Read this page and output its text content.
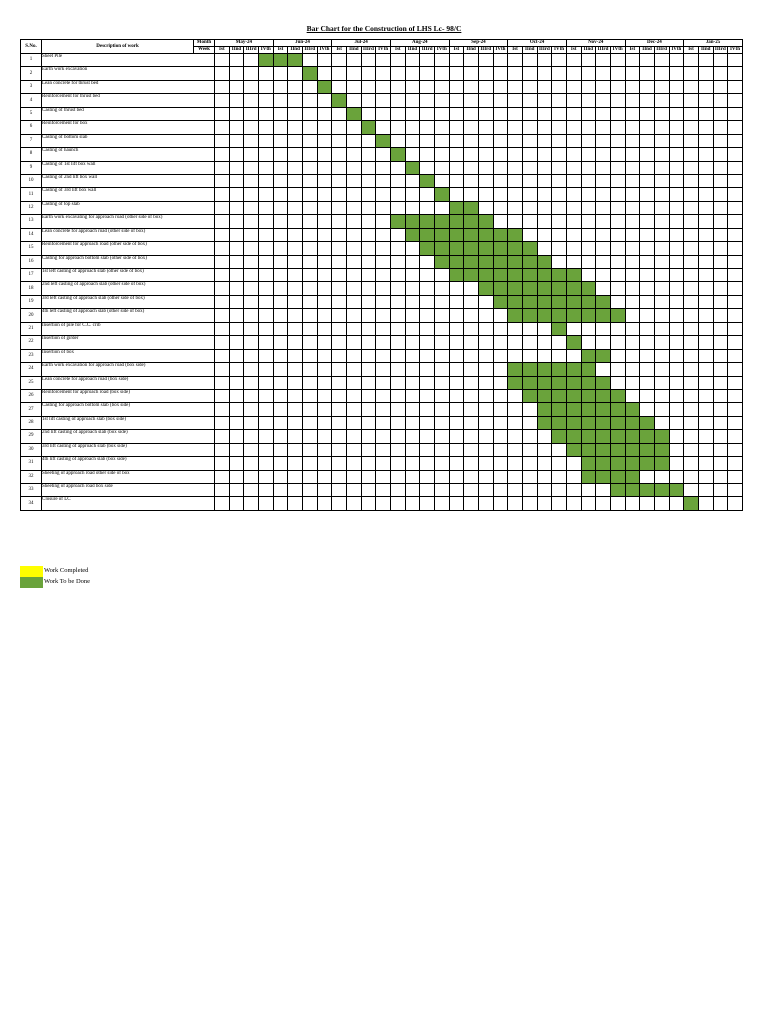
Bar Chart for the Construction of LHS Lc- 98/C
S.No.	Description of work	Month	May-24				Jun-24				Jul-24				Aug-24				Sep-24				Oct-24				Nov-24				Dec-24				Jan-25			
		Week	Ist	IInd	IIIrd	IVth	Ist	IInd	IIIrd	IVth	Ist	IInd	IIIrd	IVth	Ist	IInd	IIIrd	IVth	Ist	IInd	IIIrd	IVth	Ist	IInd	IIIrd	IVth	Ist	IInd	IIIrd	IVth	Ist	IInd	IIIrd	IVth	Ist	IInd	IIIrd	IVth
1	Sheet Pile																																					
2	Earth work excavation																																					
3	Lean concrete for thrust bed																																					
4	Reinforcement for thrust bed																																					
5	Casting of thrust bed																																					
6	Reinforcement for box																																					
7	Casting of bottom slab																																					
8	Casting of haunch																																					
9	Casting of 1st lift box wall																																					
10	Casting of 2nd lift box wall																																					
11	Casting of 3rd lift box wall																																					
12	Casting of top slab																																					
13	Earth work excavating for approach road (other side of box)																																					
14	Lean concrete for approach road (other side of box)																																					
15	Reinforcement for approach road (other side of box)																																					
16	Casting for approach bottom slab (other side of box)																																					
17	1st left casting of approach slab (other side of box)																																					
18	2nd left casting of approach slab (other side of box)																																					
19	3rd left casting of approach slab (other side of box)																																					
20	4th left casting of approach slab (other side of box)																																					
21	Insertion of pile for C.C. crib																																					
22	Insertion of girder																																					
23	Insertion of box																																					
24	Earth work excavation for approach road (box side)																																					
25	Lean concrete for approach road (box side)																																					
26	Reinforcement for approach road (box side)																																					
27	Casting for approach bottom slab (box side)																																					
28	1st lift casting of approach slab (box side)																																					
29	2nd lift casting of approach slab (box side)																																					
30	3rd lift casting of approach slab (box side)																																					
31	4th lift casting of approach slab (box side)																																					
32	Sheeting of approach road other side of box																																					
33	Sheeting of approach road box side																																					
34	Closure of LC																																					
Work Completed
Work To be Done
